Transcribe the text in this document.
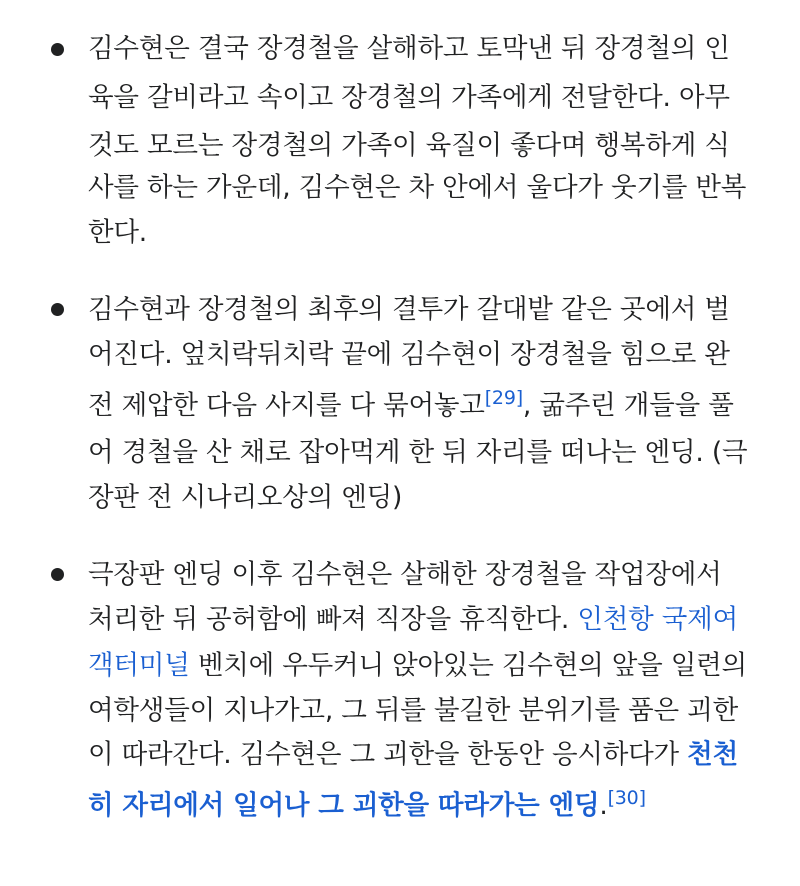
김수현은 결국 장경철을 살해하고 토막낸 뒤 장경철의 인
육을 갈비라고 속이고 장경철의 가족에게 전달한다. 아무
것도 모르는 장경철의 가족이 육질이 좋다며 행복하게 식
사를 하는 가운데, 김수현은 차 안에서 울다가 웃기를 반복
한다.
김수현과 장경철의 최후의 결투가 갈대밭 같은 곳에서 벌
어진다. 엎치락뒤치락 끝에 김수현이 장경철을 힘으로 완
전 제압한 다음 사지를 다 묶어놓고[29], 굶주린 개들을 풀
어 경철을 산 채로 잡아먹게 한 뒤 자리를 떠나는 엔딩. (극
장판 전 시나리오상의 엔딩)
극장판 엔딩 이후 김수현은 살해한 장경철을 작업장에서
처리한 뒤 공허함에 빠져 직장을 휴직한다. 인천항 국제여
객터미널 벤치에 우두커니 앉아있는 김수현의 앞을 일련의
여학생들이 지나가고, 그 뒤를 불길한 분위기를 품은 괴한
이 따라간다. 김수현은 그 괴한을 한동안 응시하다가 천천
히 자리에서 일어나 그 괴한을 따라가는 엔딩.[30]
